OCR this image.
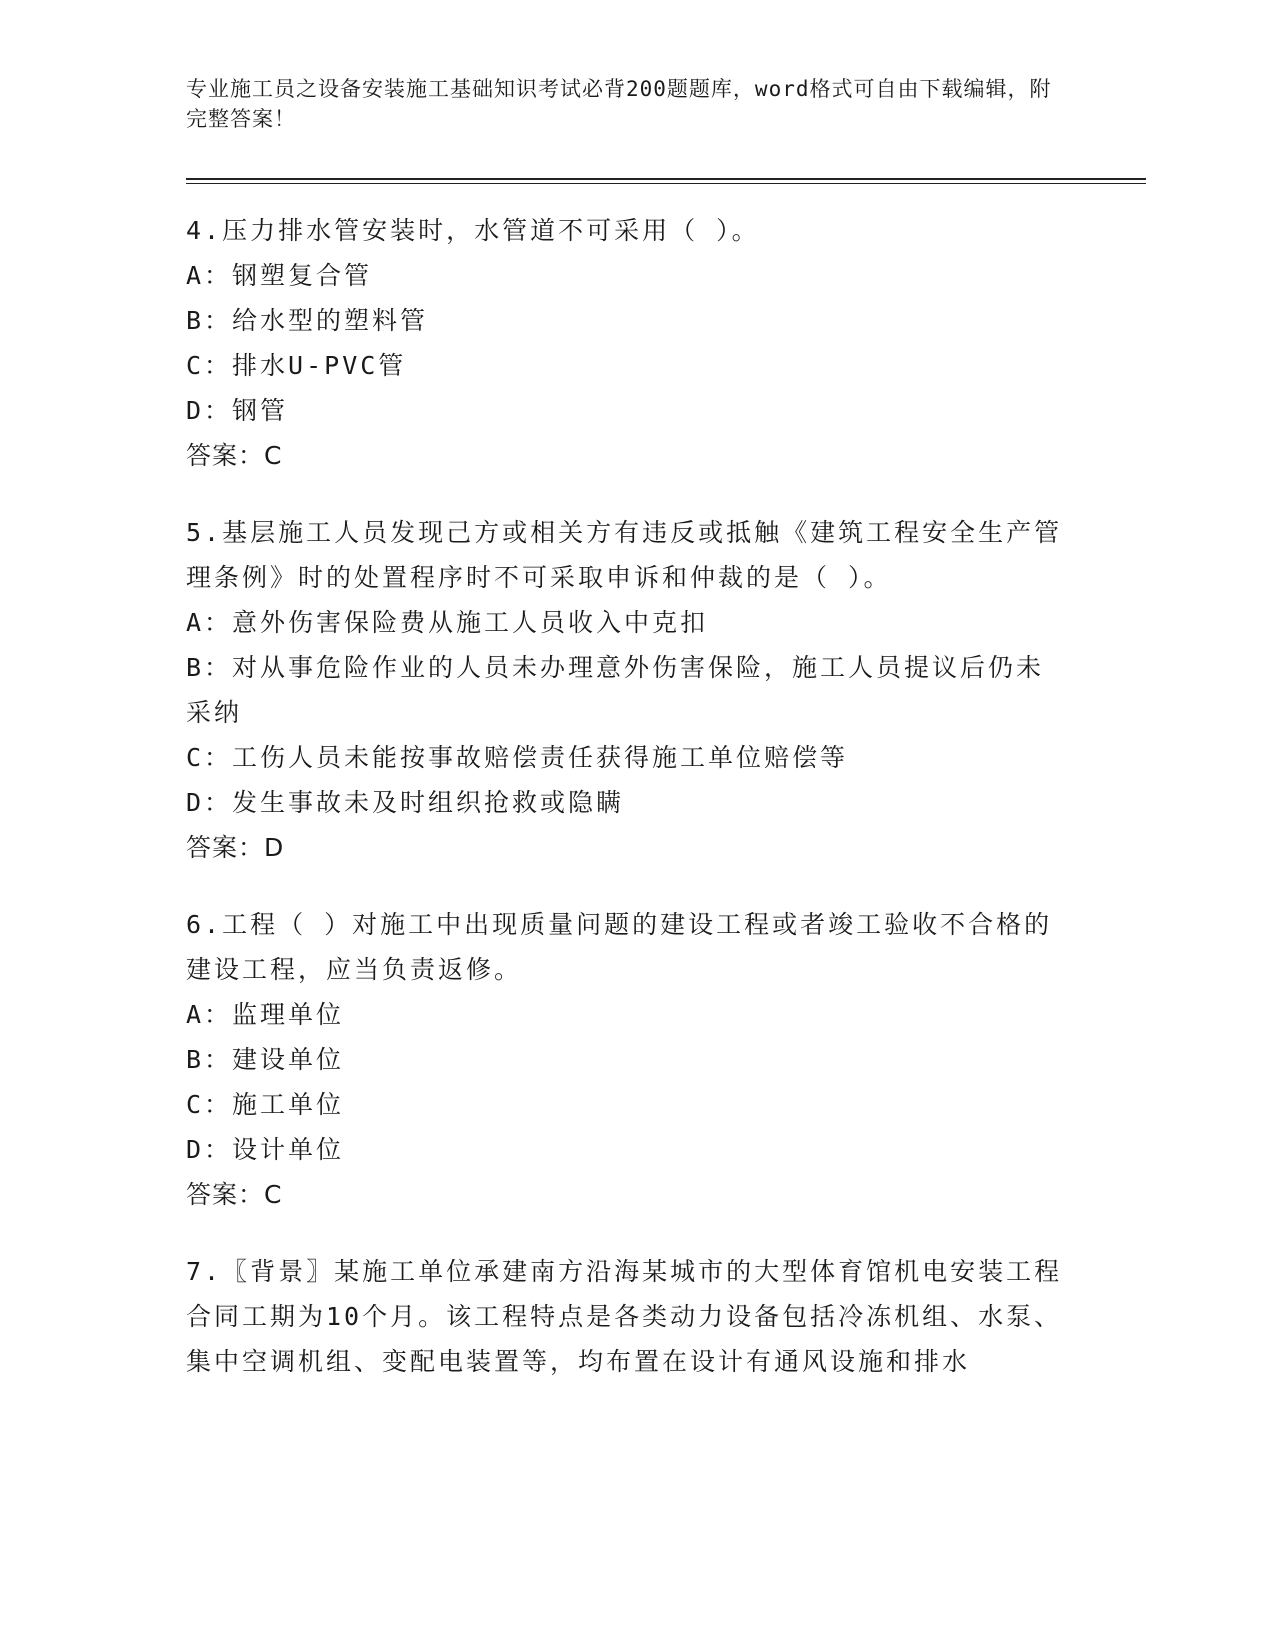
专业施工员之设备安装施工基础知识考试必背200题题库，word格式可自由下载编辑，附完整答案！
4.压力排水管安装时，水管道不可采用（ ）。
A：钢塑复合管
B：给水型的塑料管
C：排水U-PVC管
D：钢管
答案：C
5.基层施工人员发现己方或相关方有违反或抵触《建筑工程安全生产管理条例》时的处置程序时不可采取申诉和仲裁的是（ ）。
A：意外伤害保险费从施工人员收入中克扣
B：对从事危险作业的人员未办理意外伤害保险，施工人员提议后仍未采纳
C：工伤人员未能按事故赔偿责任获得施工单位赔偿等
D：发生事故未及时组织抢救或隐瞒
答案：D
6.工程（ ）对施工中出现质量问题的建设工程或者竣工验收不合格的建设工程，应当负责返修。
A：监理单位
B：建设单位
C：施工单位
D：设计单位
答案：C
7.〖背景〗某施工单位承建南方沿海某城市的大型体育馆机电安装工程合同工期为10个月。该工程特点是各类动力设备包括冷冻机组、水泵、集中空调机组、变配电装置等，均布置在设计有通风设施和排水
